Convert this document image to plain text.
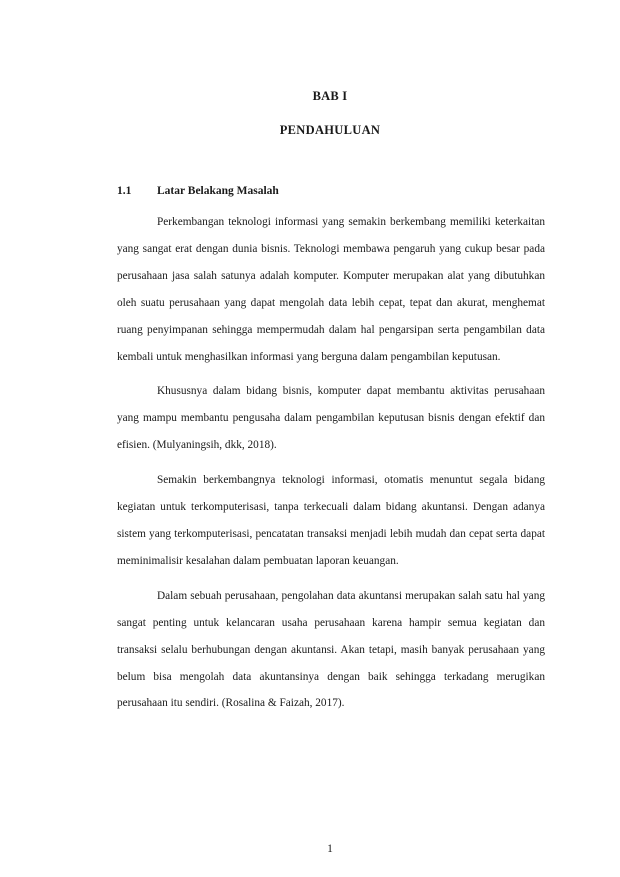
BAB I
PENDAHULUAN
1.1 Latar Belakang Masalah

Perkembangan teknologi informasi yang semakin berkembang memiliki keterkaitan yang sangat erat dengan dunia bisnis. Teknologi membawa pengaruh yang cukup besar pada perusahaan jasa salah satunya adalah komputer. Komputer merupakan alat yang dibutuhkan oleh suatu perusahaan yang dapat mengolah data lebih cepat, tepat dan akurat, menghemat ruang penyimpanan sehingga mempermudah dalam hal pengarsipan serta pengambilan data kembali untuk menghasilkan informasi yang berguna dalam pengambilan keputusan.

Khususnya dalam bidang bisnis, komputer dapat membantu aktivitas perusahaan yang mampu membantu pengusaha dalam pengambilan keputusan bisnis dengan efektif dan efisien. (Mulyaningsih, dkk, 2018).

Semakin berkembangnya teknologi informasi, otomatis menuntut segala bidang kegiatan untuk terkomputerisasi, tanpa terkecuali dalam bidang akuntansi. Dengan adanya sistem yang terkomputerisasi, pencatatan transaksi menjadi lebih mudah dan cepat serta dapat meminimalisir kesalahan dalam pembuatan laporan keuangan.

Dalam sebuah perusahaan, pengolahan data akuntansi merupakan salah satu hal yang sangat penting untuk kelancaran usaha perusahaan karena hampir semua kegiatan dan transaksi selalu berhubungan dengan akuntansi. Akan tetapi, masih banyak perusahaan yang belum bisa mengolah data akuntansinya dengan baik sehingga terkadang merugikan perusahaan itu sendiri. (Rosalina & Faizah, 2017).

1
